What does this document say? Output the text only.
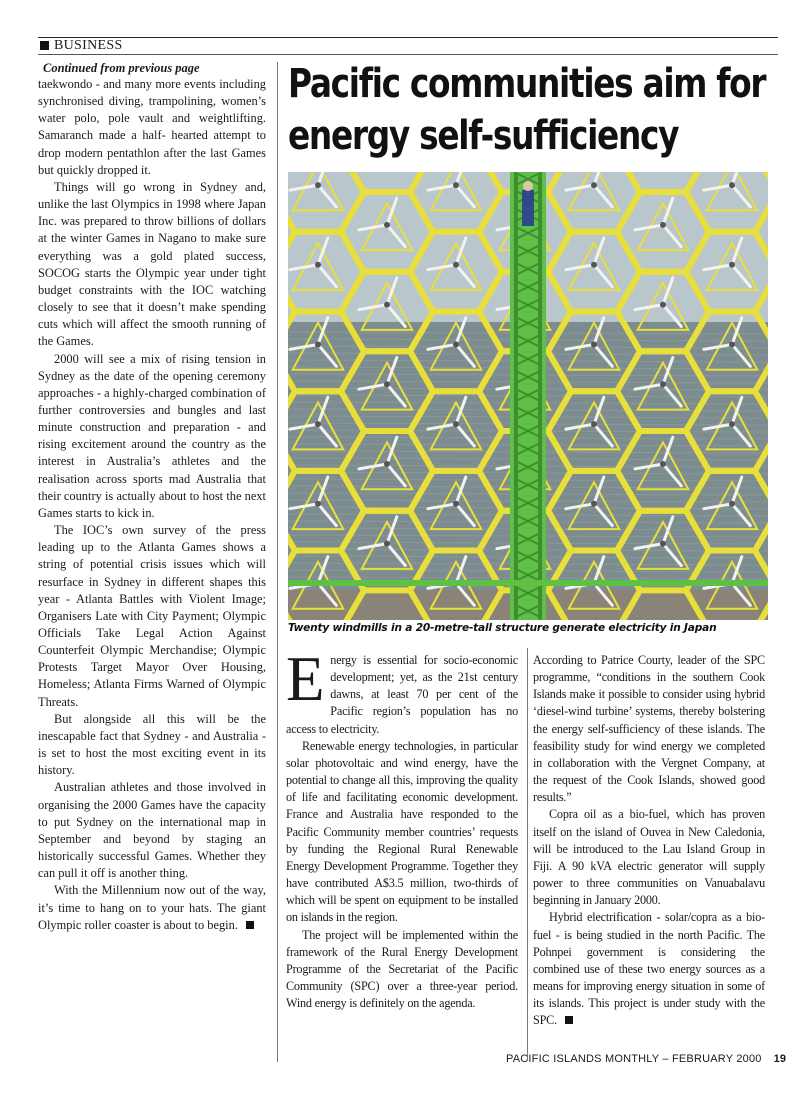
BUSINESS
Continued from previous page

taekwondo - and many more events including synchronised diving, trampolining, women’s water polo, pole vault and weightlifting. Samaranch made a half- hearted attempt to drop modern pentathlon after the last Games but quickly dropped it.

Things will go wrong in Sydney and, unlike the last Olympics in 1998 where Japan Inc. was prepared to throw billions of dollars at the winter Games in Nagano to make sure everything was a gold plated success, SOCOG starts the Olympic year under tight budget constraints with the IOC watching closely to see that it doesn’t make spending cuts which will affect the smooth running of the Games.

2000 will see a mix of rising tension in Sydney as the date of the opening ceremony approaches - a highly-charged combination of further controversies and bungles and last minute construction and preparation - and rising excitement around the country as the interest in Australia’s athletes and the realisation across sports mad Australia that their country is actually about to host the next Games starts to kick in.

The IOC’s own survey of the press leading up to the Atlanta Games shows a string of potential crisis issues which will resurface in Sydney in different shapes this year - Atlanta Battles with Violent Image; Organisers Late with City Payment; Olympic Officials Take Legal Action Against Counterfeit Olympic Merchandise; Olympic Protests Target Mayor Over Housing, Homeless; Atlanta Firms Warned of Olympic Threats.

But alongside all this will be the inescapable fact that Sydney - and Australia - is set to host the most exciting event in its history.

Australian athletes and those involved in organising the 2000 Games have the capacity to put Sydney on the international map in September and beyond by staging an historically successful Games. Whether they can pull it off is another thing.

With the Millennium now out of the way, it’s time to hang on to your hats. The giant Olympic roller coaster is about to begin.

Pacific communities aim for
energy self-sufficiency
Twenty windmills in a 20-metre-tall structure generate electricity in Japan

Energy is essential for socio-economic development; yet, as the 21st century dawns, at least 70 per cent of the Pacific region’s population has no access to electricity.

Renewable energy technologies, in particular solar photovoltaic and wind energy, have the potential to change all this, improving the quality of life and facilitating economic development. France and Australia have responded to the Pacific Community member countries’ requests by funding the Regional Rural Renewable Energy Development Programme. Together they have contributed A$3.5 million, two-thirds of which will be spent on equipment to be installed on islands in the region.

The project will be implemented within the framework of the Rural Energy Development Programme of the Secretariat of the Pacific Community (SPC) over a three-year period. Wind energy is definitely on the agenda.

According to Patrice Courty, leader of the SPC programme, “conditions in the southern Cook Islands make it possible to consider using hybrid ‘diesel-wind turbine’ systems, thereby bolstering the energy self-sufficiency of these islands. The feasibility study for wind energy we completed in collaboration with the Vergnet Company, at the request of the Cook Islands, showed good results.”

Copra oil as a bio-fuel, which has proven itself on the island of Ouvea in New Caledonia, will be introduced to the Lau Island Group in Fiji. A 90 kVA electric generator will supply power to three communities on Vanuabalavu beginning in January 2000.

Hybrid electrification - solar/copra as a bio-fuel - is being studied in the north Pacific. The Pohnpei government is considering the combined use of these two energy sources as a means for improving energy situation in some of its islands. This project is under study with the SPC.

PACIFIC ISLANDS MONTHLY – FEBRUARY 2000 19
